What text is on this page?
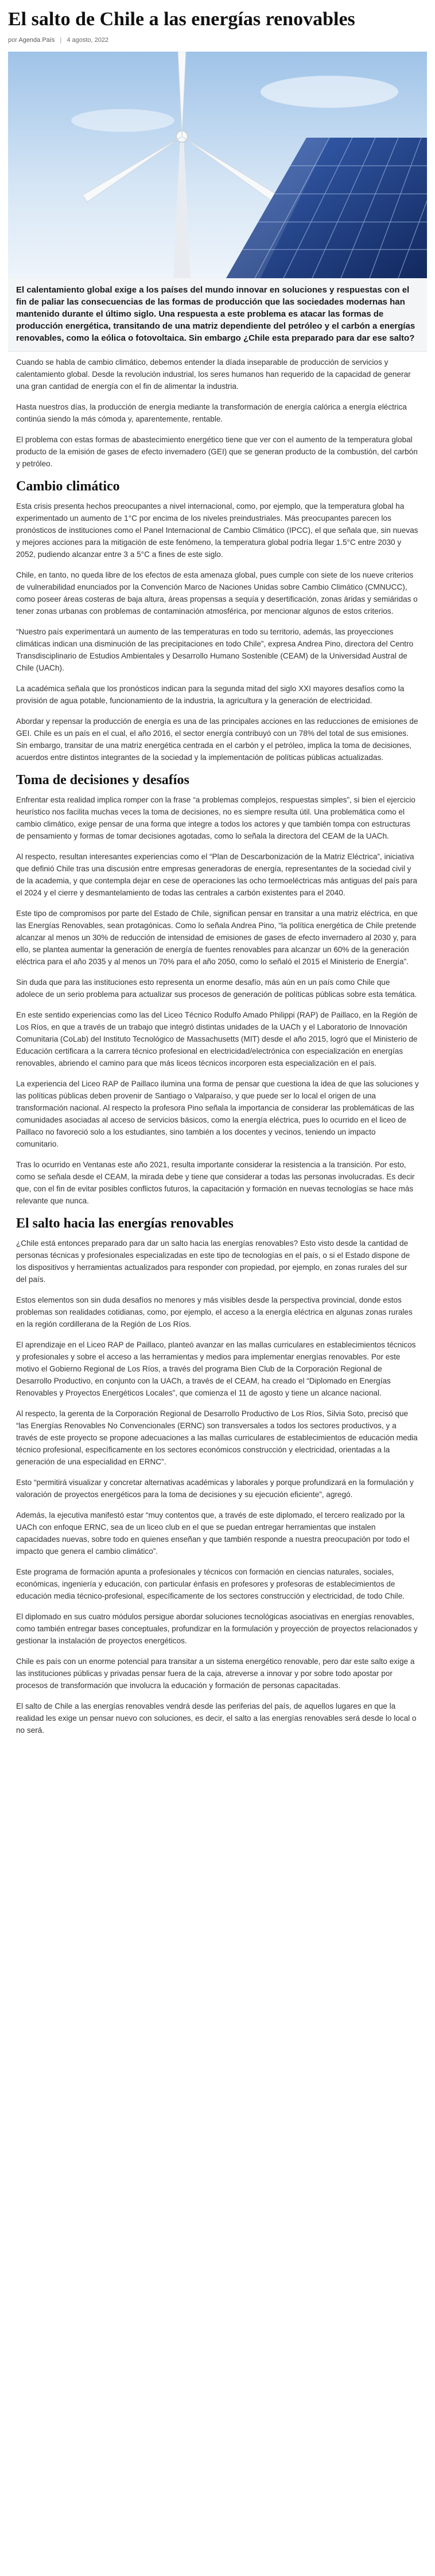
El salto de Chile a las energías renovables
por Agenda País | 4 agosto, 2022
El calentamiento global exige a los países del mundo innovar en soluciones y respuestas con el fin de paliar las consecuencias de las formas de producción que las sociedades modernas han mantenido durante el último siglo. Una respuesta a este problema es atacar las formas de producción energética, transitando de una matriz dependiente del petróleo y el carbón a energías renovables, como la eólica o fotovoltaica. Sin embargo ¿Chile esta preparado para dar ese salto?

Cuando se habla de cambio climático, debemos entender la díada inseparable de producción de servicios y calentamiento global. Desde la revolución industrial, los seres humanos han requerido de la capacidad de generar una gran cantidad de energía con el fin de alimentar la industria.

Hasta nuestros días, la producción de energía mediante la transformación de energía calórica a energía eléctrica continúa siendo la más cómoda y, aparentemente, rentable.

El problema con estas formas de abastecimiento energético tiene que ver con el aumento de la temperatura global producto de la emisión de gases de efecto invernadero (GEI) que se generan producto de la combustión, del carbón y petróleo.

Cambio climático

Esta crisis presenta hechos preocupantes a nivel internacional, como, por ejemplo, que la temperatura global ha experimentado un aumento de 1°C por encima de los niveles preindustriales. Más preocupantes parecen los pronósticos de instituciones como el Panel Internacional de Cambio Climático (IPCC), el que señala que, sin nuevas y mejores acciones para la mitigación de este fenómeno, la temperatura global podría llegar 1.5°C entre 2030 y 2052, pudiendo alcanzar entre 3 a 5°C a fines de este siglo.

Chile, en tanto, no queda libre de los efectos de esta amenaza global, pues cumple con siete de los nueve criterios de vulnerabilidad enunciados por la Convención Marco de Naciones Unidas sobre Cambio Climático (CMNUCC), como poseer áreas costeras de baja altura, áreas propensas a sequía y desertificación, zonas áridas y semiáridas o tener zonas urbanas con problemas de contaminación atmosférica, por mencionar algunos de estos criterios.

“Nuestro país experimentará un aumento de las temperaturas en todo su territorio, además, las proyecciones climáticas indican una disminución de las precipitaciones en todo Chile”, expresa Andrea Pino, directora del Centro Transdisciplinario de Estudios Ambientales y Desarrollo Humano Sostenible (CEAM) de la Universidad Austral de Chile (UACh).

La académica señala que los pronósticos indican para la segunda mitad del siglo XXI mayores desafíos como la provisión de agua potable, funcionamiento de la industria, la agricultura y la generación de electricidad.

Abordar y repensar la producción de energía es una de las principales acciones en las reducciones de emisiones de GEI. Chile es un país en el cual, el año 2016, el sector energía contribuyó con un 78% del total de sus emisiones. Sin embargo, transitar de una matriz energética centrada en el carbón y el petróleo, implica la toma de decisiones, acuerdos entre distintos integrantes de la sociedad y la implementación de políticas públicas actualizadas.

Toma de decisiones y desafíos

Enfrentar esta realidad implica romper con la frase “a problemas complejos, respuestas simples”, si bien el ejercicio heurístico nos facilita muchas veces la toma de decisiones, no es siempre resulta útil. Una problemática como el cambio climático, exige pensar de una forma que integre a todos los actores y que también tompa con estructuras de pensamiento y formas de tomar decisiones agotadas, como lo señala la directora del CEAM de la UACh.

Al respecto, resultan interesantes experiencias como el “Plan de Descarbonización de la Matriz Eléctrica”, iniciativa que definió Chile tras una discusión entre empresas generadoras de energía, representantes de la sociedad civil y de la academia, y que contempla dejar en cese de operaciones las ocho termoeléctricas más antiguas del país para el 2024 y el cierre y desmantelamiento de todas las centrales a carbón existentes para el 2040.

Este tipo de compromisos por parte del Estado de Chile, significan pensar en transitar a una matriz eléctrica, en que las Energías Renovables, sean protagónicas. Como lo señala Andrea Pino, “la política energética de Chile pretende alcanzar al menos un 30% de reducción de intensidad de emisiones de gases de efecto invernadero al 2030 y, para ello, se plantea aumentar la generación de energía de fuentes renovables para alcanzar un 60% de la generación eléctrica para el año 2035 y al menos un 70% para el año 2050, como lo señaló el 2015 el Ministerio de Energía”.

Sin duda que para las instituciones esto representa un enorme desafío, más aún en un país como Chile que adolece de un serio problema para actualizar sus procesos de generación de políticas públicas sobre esta temática.

En este sentido experiencias como las del Liceo Técnico Rodulfo Amado Philippi (RAP) de Paillaco, en la Región de Los Ríos, en que a través de un trabajo que integró distintas unidades de la UACh y el Laboratorio de Innovación Comunitaria (CoLab) del Instituto Tecnológico de Massachusetts (MIT) desde el año 2015, logró que el Ministerio de Educación certificara a la carrera técnico profesional en electricidad/electrónica con especialización en energías renovables, abriendo el camino para que más liceos técnicos incorporen esta especialización en el país.

La experiencia del Liceo RAP de Paillaco ilumina una forma de pensar que cuestiona la idea de que las soluciones y las políticas públicas deben provenir de Santiago o Valparaíso, y que puede ser lo local el origen de una transformación nacional. Al respecto la profesora Pino señala la importancia de considerar las problemáticas de las comunidades asociadas al acceso de servicios básicos, como la energía eléctrica, pues lo ocurrido en el liceo de Paillaco no favoreció solo a los estudiantes, sino también a los docentes y vecinos, teniendo un impacto comunitario.

Tras lo ocurrido en Ventanas este año 2021, resulta importante considerar la resistencia a la transición. Por esto, como se señala desde el CEAM, la mirada debe y tiene que considerar a todas las personas involucradas. Es decir que, con el fin de evitar posibles conflictos futuros, la capacitación y formación en nuevas tecnologías se hace más relevante que nunca.

El salto hacia las energías renovables

¿Chile está entonces preparado para dar un salto hacia las energías renovables? Esto visto desde la cantidad de personas técnicas y profesionales especializadas en este tipo de tecnologías en el país, o si el Estado dispone de los dispositivos y herramientas actualizados para responder con propiedad, por ejemplo, en zonas rurales del sur del país.

Estos elementos son sin duda desafíos no menores y más visibles desde la perspectiva provincial, donde estos problemas son realidades cotidianas, como, por ejemplo, el acceso a la energía eléctrica en algunas zonas rurales en la región cordillerana de la Región de Los Ríos.

El aprendizaje en el Liceo RAP de Paillaco, planteó avanzar en las mallas curriculares en establecimientos técnicos y profesionales y sobre el acceso a las herramientas y medios para implementar energías renovables. Por este motivo el Gobierno Regional de Los Ríos, a través del programa Bien Club de la Corporación Regional de Desarrollo Productivo, en conjunto con la UACh, a través de el CEAM, ha creado el “Diplomado en Energías Renovables y Proyectos Energéticos Locales”, que comienza el 11 de agosto y tiene un alcance nacional.

Al respecto, la gerenta de la Corporación Regional de Desarrollo Productivo de Los Ríos, Silvia Soto, precisó que “las Energías Renovables No Convencionales (ERNC) son transversales a todos los sectores productivos, y a través de este proyecto se propone adecuaciones a las mallas curriculares de establecimientos de educación media técnico profesional, específicamente en los sectores económicos construcción y electricidad, orientadas a la generación de una especialidad en ERNC”.

Esto “permitirá visualizar y concretar alternativas académicas y laborales y porque profundizará en la formulación y valoración de proyectos energéticos para la toma de decisiones y su ejecución eficiente”, agregó.

Además, la ejecutiva manifestó estar “muy contentos que, a través de este diplomado, el tercero realizado por la UACh con enfoque ERNC, sea de un liceo club en el que se puedan entregar herramientas que instalen capacidades nuevas, sobre todo en quienes enseñan y que también responde a nuestra preocupación por todo el impacto que genera el cambio climático”.

Este programa de formación apunta a profesionales y técnicos con formación en ciencias naturales, sociales, económicas, ingeniería y educación, con particular énfasis en profesores y profesoras de establecimientos de educación media técnico-profesional, específicamente de los sectores construcción y electricidad, de todo Chile.

El diplomado en sus cuatro módulos persigue abordar soluciones tecnológicas asociativas en energías renovables, como también entregar bases conceptuales, profundizar en la formulación y proyección de proyectos relacionados y gestionar la instalación de proyectos energéticos.

Chile es país con un enorme potencial para transitar a un sistema energético renovable, pero dar este salto exige a las instituciones públicas y privadas pensar fuera de la caja, atreverse a innovar y por sobre todo apostar por procesos de transformación que involucra la educación y formación de personas capacitadas.

El salto de Chile a las energías renovables vendrá desde las periferias del país, de aquellos lugares en que la realidad les exige un pensar nuevo con soluciones, es decir, el salto a las energías renovables será desde lo local o no será.
